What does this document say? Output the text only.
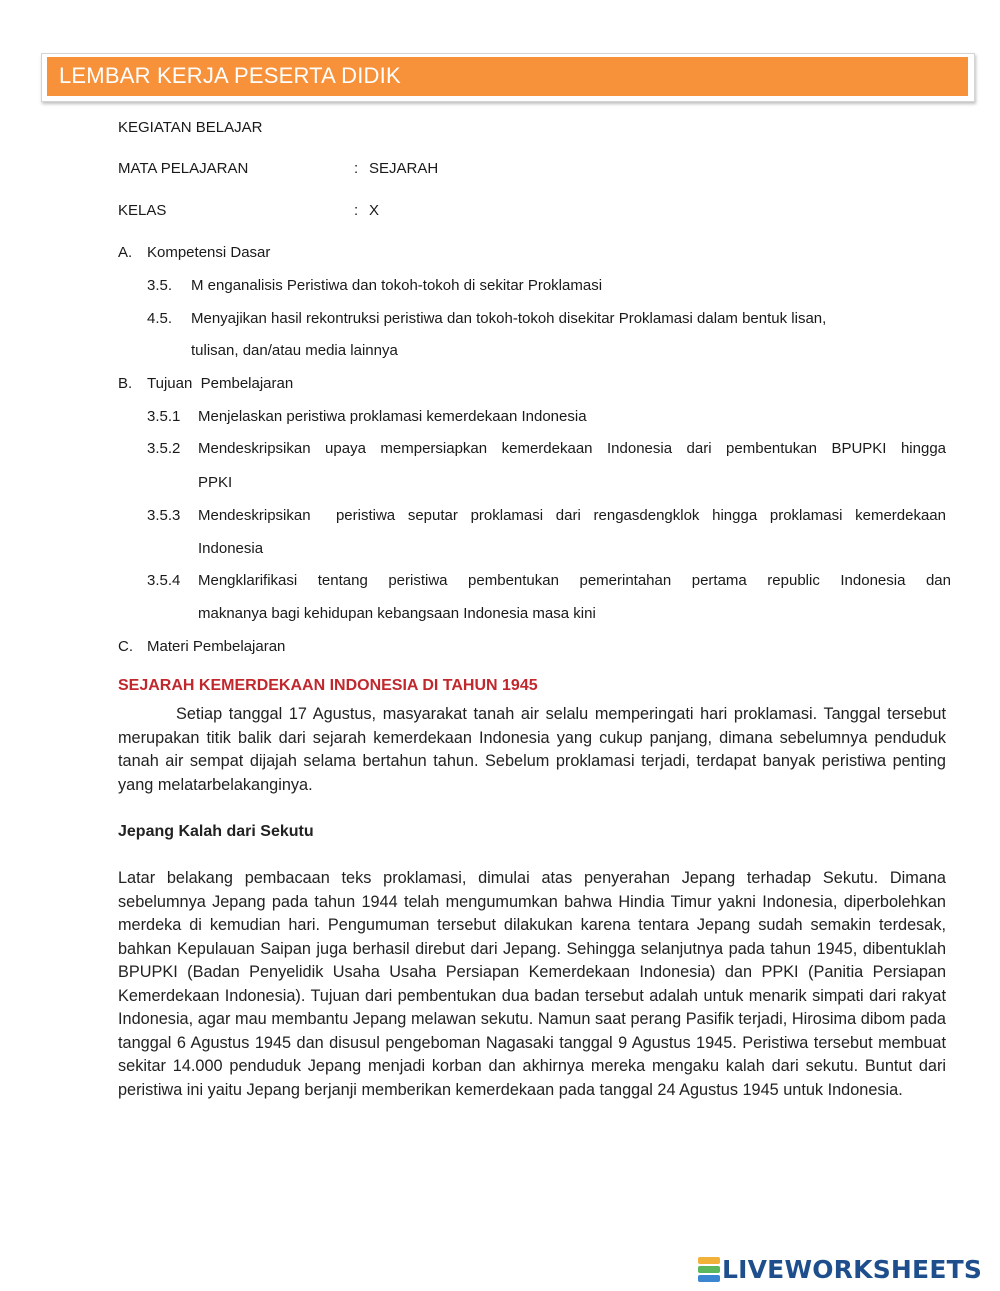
LEMBAR KERJA PESERTA DIDIK
KEGIATAN BELAJAR
MATA PELAJARAN	: SEJARAH
KELAS	: X
A. Kompetensi Dasar
3.5. M enganalisis Peristiwa dan tokoh-tokoh di sekitar Proklamasi
4.5. Menyajikan hasil rekontruksi peristiwa dan tokoh-tokoh disekitar Proklamasi dalam bentuk lisan,
tulisan, dan/atau media lainnya
B. Tujuan  Pembelajaran
3.5.1 Menjelaskan peristiwa proklamasi kemerdekaan Indonesia
3.5.2 Mendeskripsikan upaya mempersiapkan kemerdekaan Indonesia dari pembentukan BPUPKI hingga
PPKI
3.5.3 Mendeskripsikan  peristiwa seputar proklamasi dari rengasdengklok hingga proklamasi kemerdekaan
Indonesia
3.5.4 Mengklarifikasi tentang peristiwa pembentukan pemerintahan pertama republic Indonesia dan
maknanya bagi kehidupan kebangsaan Indonesia masa kini
C. Materi Pembelajaran
SEJARAH KEMERDEKAAN INDONESIA DI TAHUN 1945
Setiap tanggal 17 Agustus, masyarakat tanah air selalu memperingati hari proklamasi. Tanggal tersebut merupakan titik balik dari sejarah kemerdekaan Indonesia yang cukup panjang, dimana sebelumnya penduduk tanah air sempat dijajah selama bertahun tahun. Sebelum proklamasi terjadi, terdapat banyak peristiwa penting yang melatarbelakanginya.
Jepang Kalah dari Sekutu
Latar belakang pembacaan teks proklamasi, dimulai atas penyerahan Jepang terhadap Sekutu. Dimana sebelumnya Jepang pada tahun 1944 telah mengumumkan bahwa Hindia Timur yakni Indonesia, diperbolehkan merdeka di kemudian hari. Pengumuman tersebut dilakukan karena tentara Jepang sudah semakin terdesak, bahkan Kepulauan Saipan juga berhasil direbut dari Jepang. Sehingga selanjutnya pada tahun 1945, dibentuklah BPUPKI (Badan Penyelidik Usaha Usaha Persiapan Kemerdekaan Indonesia) dan PPKI (Panitia Persiapan Kemerdekaan Indonesia). Tujuan dari pembentukan dua badan tersebut adalah untuk menarik simpati dari rakyat Indonesia, agar mau membantu Jepang melawan sekutu. Namun saat perang Pasifik terjadi, Hirosima dibom pada tanggal 6 Agustus 1945 dan disusul pengeboman Nagasaki tanggal 9 Agustus 1945. Peristiwa tersebut membuat sekitar 14.000 penduduk Jepang menjadi korban dan akhirnya mereka mengaku kalah dari sekutu. Buntut dari peristiwa ini yaitu Jepang berjanji memberikan kemerdekaan pada tanggal 24 Agustus 1945 untuk Indonesia.
LIVEWORKSHEETS
